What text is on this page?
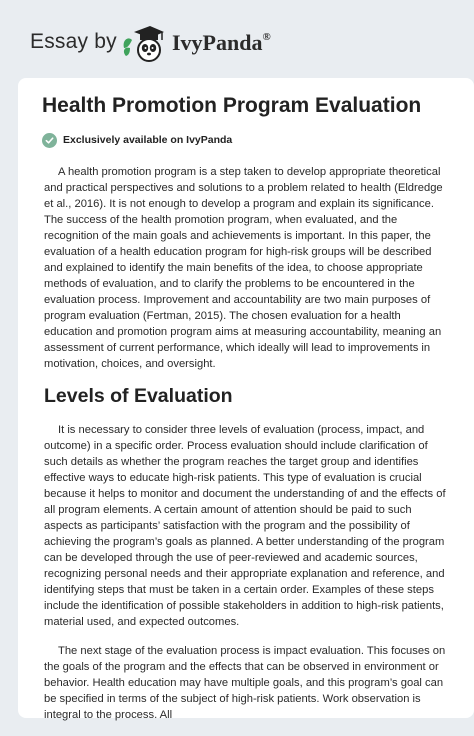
Essay by	IvyPanda®
Health Promotion Program Evaluation
Exclusively available on IvyPanda

A health promotion program is a step taken to develop appropriate theoretical and practical perspectives and solutions to a problem related to health (Eldredge et al., 2016). It is not enough to develop a program and explain its significance. The success of the health promotion program, when evaluated, and the recognition of the main goals and achievements is important. In this paper, the evaluation of a health education program for high-risk groups will be described and explained to identify the main benefits of the idea, to choose appropriate methods of evaluation, and to clarify the problems to be encountered in the evaluation process. Improvement and accountability are two main purposes of program evaluation (Fertman, 2015). The chosen evaluation for a health education and promotion program aims at measuring accountability, meaning an assessment of current performance, which ideally will lead to improvements in motivation, choices, and oversight.

Levels of Evaluation

It is necessary to consider three levels of evaluation (process, impact, and outcome) in a specific order. Process evaluation should include clarification of such details as whether the program reaches the target group and identifies effective ways to educate high-risk patients. This type of evaluation is crucial because it helps to monitor and document the understanding of and the effects of all program elements. A certain amount of attention should be paid to such aspects as participants’ satisfaction with the program and the possibility of achieving the program’s goals as planned. A better understanding of the program can be developed through the use of peer-reviewed and academic sources, recognizing personal needs and their appropriate explanation and reference, and identifying steps that must be taken in a certain order. Examples of these steps include the identification of possible stakeholders in addition to high-risk patients, material used, and expected outcomes.

The next stage of the evaluation process is impact evaluation. This focuses on the goals of the program and the effects that can be observed in environment or behavior. Health education may have multiple goals, and this program’s goal can be specified in terms of the subject of high-risk patients. Work observation is integral to the process. All
